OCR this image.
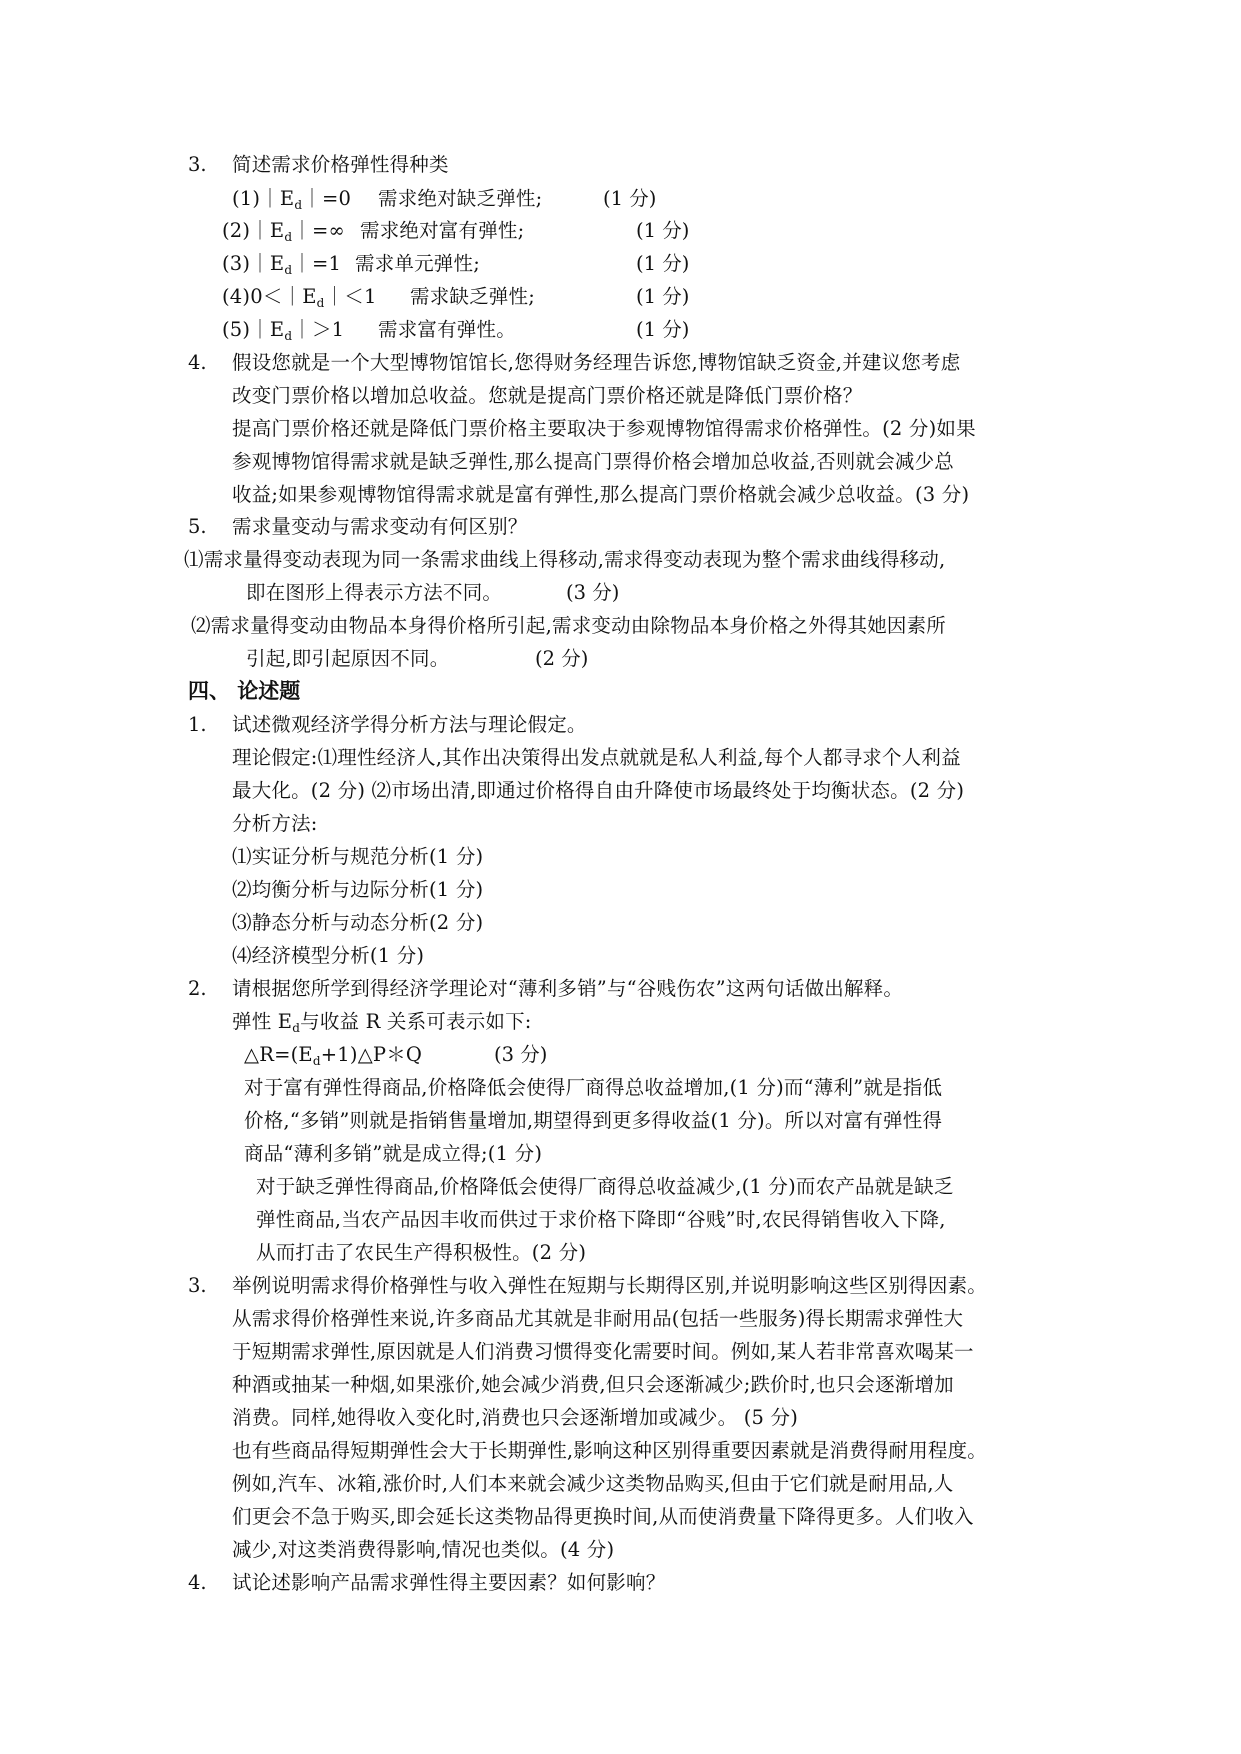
3. 简述需求价格弹性得种类
$(1)|E_d|=0$ 需求绝对缺乏弹性;	(1 分)
$(2)|E_d|=\infty$ 需求绝对富有弹性;	(1 分)
$(3)|E_d|=1$ 需求单元弹性;	(1 分)
$(4)0<|E_d|<1$ 需求缺乏弹性;	(1 分)
$(5)|E_d|>1$ 需求富有弹性。	(1 分)
4. 假设您就是一个大型博物馆馆长,您得财务经理告诉您,博物馆缺乏资金,并建议您考虑
改变门票价格以增加总收益。您就是提高门票价格还就是降低门票价格？
提高门票价格还就是降低门票价格主要取决于参观博物馆得需求价格弹性。(2 分)如果
参观博物馆得需求就是缺乏弹性,那么提高门票得价格会增加总收益,否则就会减少总
收益;如果参观博物馆得需求就是富有弹性,那么提高门票价格就会减少总收益。(3 分)
5. 需求量变动与需求变动有何区别？
⑴需求量得变动表现为同一条需求曲线上得移动,需求得变动表现为整个需求曲线得移动,
即在图形上得表示方法不同。	(3 分)
⑵需求量得变动由物品本身得价格所引起,需求变动由除物品本身价格之外得其她因素所
引起,即引起原因不同。	(2 分)
四、 论述题
1. 试述微观经济学得分析方法与理论假定。
理论假定:⑴理性经济人,其作出决策得出发点就就是私人利益,每个人都寻求个人利益
最大化。(2 分) ⑵市场出清,即通过价格得自由升降使市场最终处于均衡状态。(2 分)
分析方法:
⑴实证分析与规范分析(1 分)
⑵均衡分析与边际分析(1 分)
⑶静态分析与动态分析(2 分)
⑷经济模型分析(1 分)
2. 请根据您所学到得经济学理论对“薄利多销”与“谷贱伤农”这两句话做出解释。
弹性 $E_d$与收益 R 关系可表示如下:
$\triangle R=(E_d+1)\triangle P*Q$	(3 分)
对于富有弹性得商品,价格降低会使得厂商得总收益增加,(1 分)而“薄利”就是指低
价格,“多销”则就是指销售量增加,期望得到更多得收益(1 分)。所以对富有弹性得
商品“薄利多销”就是成立得;(1 分)
对于缺乏弹性得商品,价格降低会使得厂商得总收益减少,(1 分)而农产品就是缺乏
弹性商品,当农产品因丰收而供过于求价格下降即“谷贱”时,农民得销售收入下降,
从而打击了农民生产得积极性。(2 分)
3. 举例说明需求得价格弹性与收入弹性在短期与长期得区别,并说明影响这些区别得因素。
从需求得价格弹性来说,许多商品尤其就是非耐用品(包括一些服务)得长期需求弹性大
于短期需求弹性,原因就是人们消费习惯得变化需要时间。例如,某人若非常喜欢喝某一
种酒或抽某一种烟,如果涨价,她会减少消费,但只会逐渐减少;跌价时,也只会逐渐增加
消费。同样,她得收入变化时,消费也只会逐渐增加或减少。 (5 分)
也有些商品得短期弹性会大于长期弹性,影响这种区别得重要因素就是消费得耐用程度。
例如,汽车、冰箱,涨价时,人们本来就会减少这类物品购买,但由于它们就是耐用品,人
们更会不急于购买,即会延长这类物品得更换时间,从而使消费量下降得更多。人们收入
减少,对这类消费得影响,情况也类似。(4 分)
4. 试论述影响产品需求弹性得主要因素？如何影响？
